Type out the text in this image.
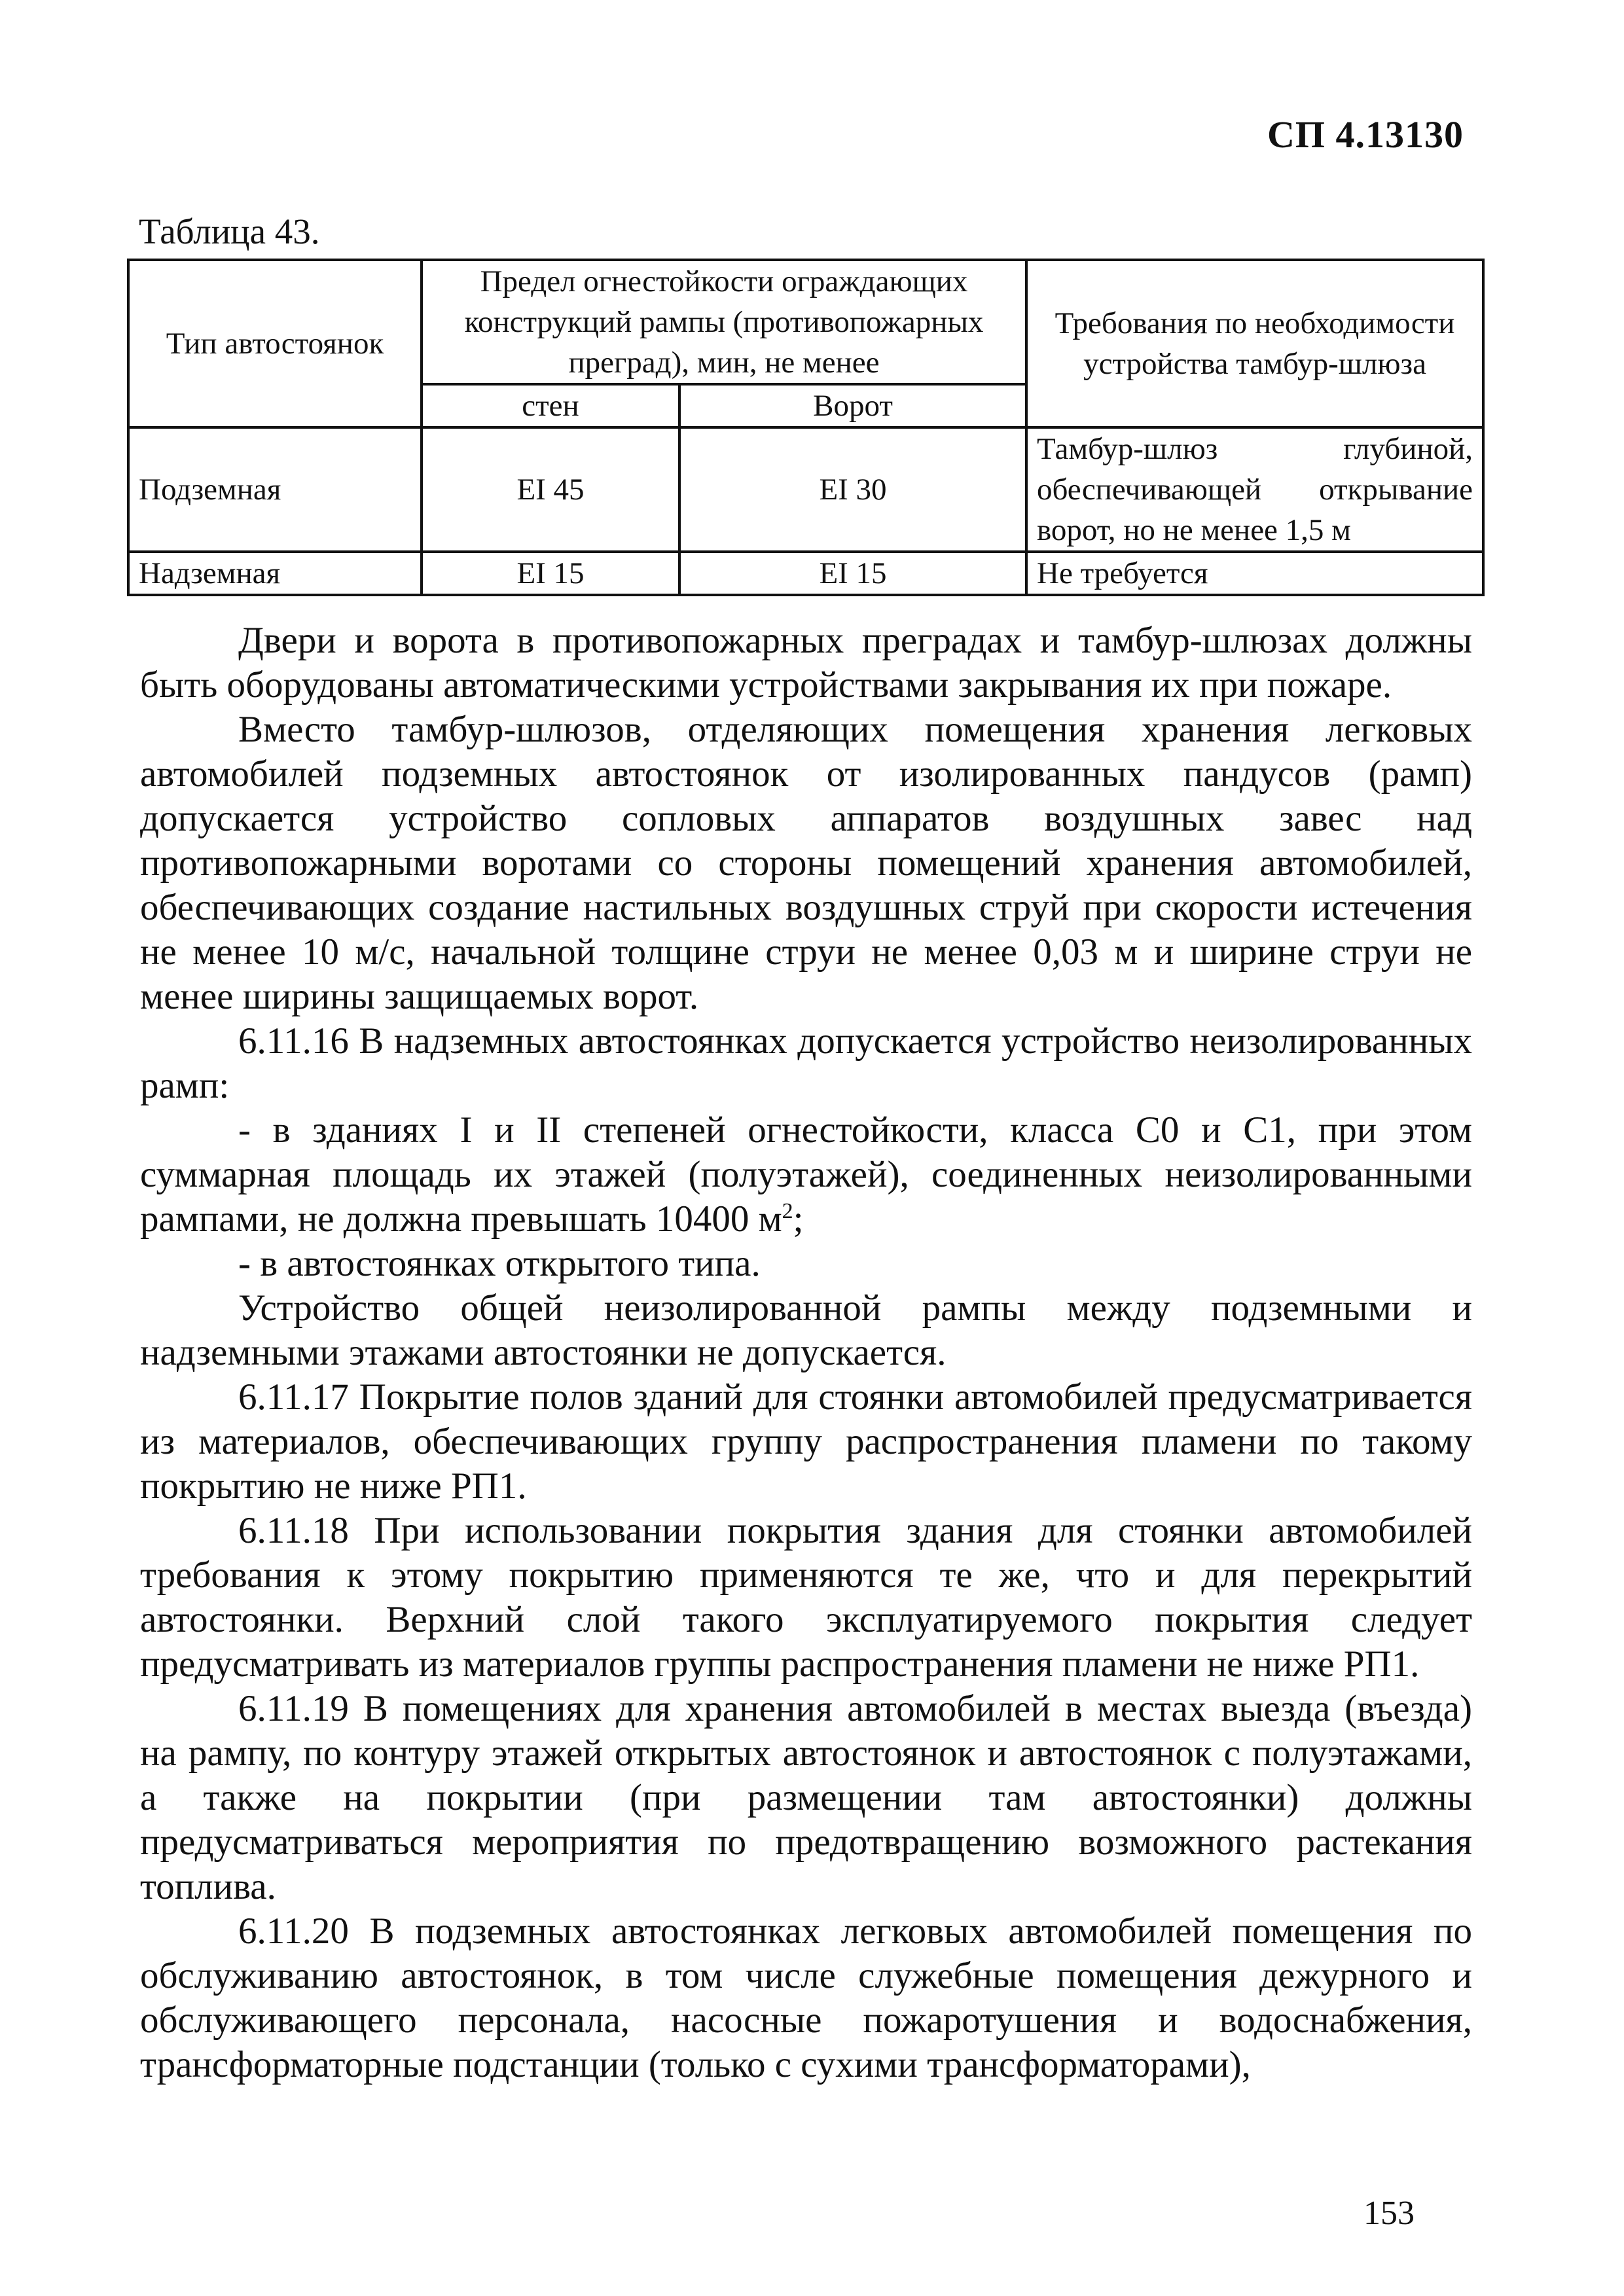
СП 4.13130
Таблица 43.
Тип автостоянок	Предел огнестойкости ограждающих конструкций рампы (противопожарных преград), мин, не менее		Требования по необходимости устройства тамбур-шлюза
	стен	Ворот	
Подземная	EI 45	EI 30	Тамбур-шлюз глубиной, обеспечивающей открывание ворот, но не менее 1,5 м
Надземная	EI 15	EI 15	Не требуется

Двери и ворота в противопожарных преградах и тамбур-шлюзах должны быть оборудованы автоматическими устройствами закрывания их при пожаре.

Вместо тамбур-шлюзов, отделяющих помещения хранения легковых автомобилей подземных автостоянок от изолированных пандусов (рамп) допускается устройство сопловых аппаратов воздушных завес над противопожарными воротами со стороны помещений хранения автомобилей, обеспечивающих создание настильных воздушных струй при скорости истечения не менее 10 м/с, начальной толщине струи не менее 0,03 м и ширине струи не менее ширины защищаемых ворот.

6.11.16 В надземных автостоянках допускается устройство неизолированных рамп:

- в зданиях I и II степеней огнестойкости, класса С0 и С1, при этом суммарная площадь их этажей (полуэтажей), соединенных неизолированными рампами, не должна превышать 10400 $м^2$;

- в автостоянках открытого типа.

Устройство общей неизолированной рампы между подземными и надземными этажами автостоянки не допускается.

6.11.17 Покрытие полов зданий для стоянки автомобилей предусматривается из материалов, обеспечивающих группу распространения пламени по такому покрытию не ниже РП1.

6.11.18 При использовании покрытия здания для стоянки автомобилей требования к этому покрытию применяются те же, что и для перекрытий автостоянки. Верхний слой такого эксплуатируемого покрытия следует предусматривать из материалов группы распространения пламени не ниже РП1.

6.11.19 В помещениях для хранения автомобилей в местах выезда (въезда) на рампу, по контуру этажей открытых автостоянок и автостоянок с полуэтажами, а также на покрытии (при размещении там автостоянки) должны предусматриваться мероприятия по предотвращению возможного растекания топлива.

6.11.20 В подземных автостоянках легковых автомобилей помещения по обслуживанию автостоянок, в том числе служебные помещения дежурного и обслуживающего персонала, насосные пожаротушения и водоснабжения, трансформаторные подстанции (только с сухими трансформаторами),

153
